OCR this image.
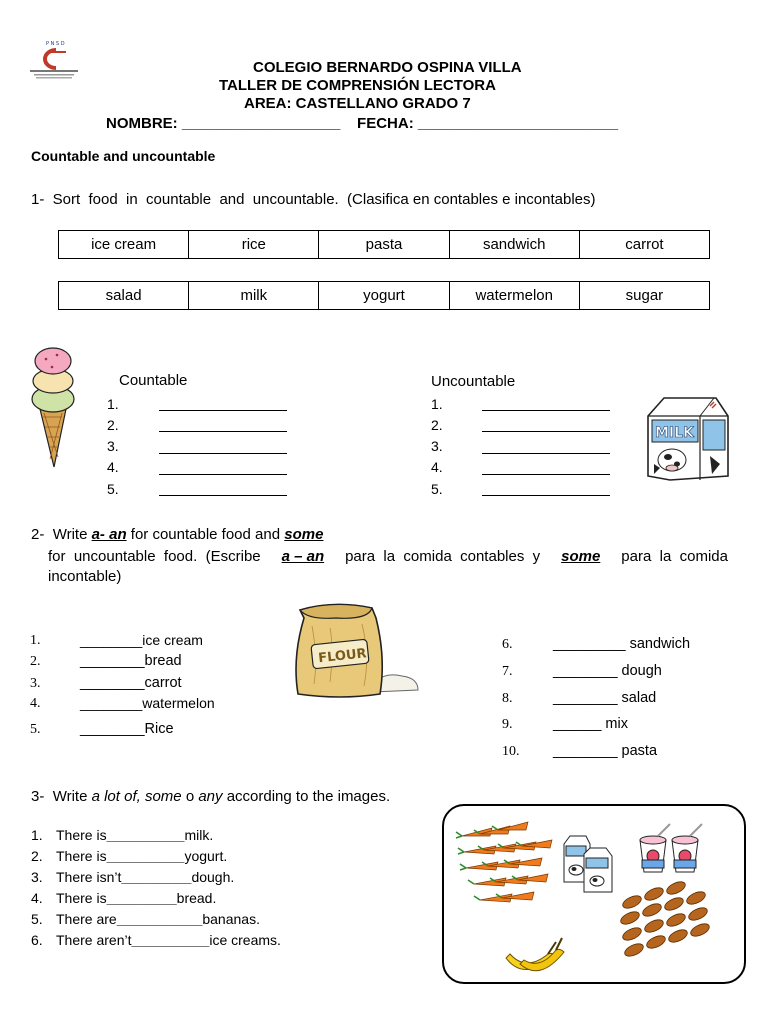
P N S D
COLEGIO BERNARDO OSPINA VILLA
TALLER DE COMPRENSIÓN LECTORA
AREA: CASTELLANO GRADO 7
NOMBRE: ___________________ FECHA: ________________________
Countable and uncountable
1-  Sort  food  in  countable  and  uncountable.  (Clasifica en contables e incontables)
ice cream	rice	pasta	sandwich	carrot
salad	milk	yogurt	watermelon	sugar
Countable	Uncountable
1.
2.
3.
4.
5.
1.
2.
3.
4.
5.
MILK
2- Write a- an for countable food and some
for  uncountable  food.  (Escribe a – an para  la  comida  contables  y some para  la  comida
incontable)
FLOUR
1.	________ice cream
2.	________bread
3.	________carrot
4.	________watermelon
5.	________Rice
6.	_________ sandwich
7.	________ dough
8.	________ salad
9.	______ mix
10. ________ pasta
3- Write a lot of, some o any according to the images.
1. There is__________milk.
2. There is__________yogurt.
3. There isn’t_________dough.
4. There is_________bread.
5. There are___________bananas.
6. There aren’t__________ice creams.
